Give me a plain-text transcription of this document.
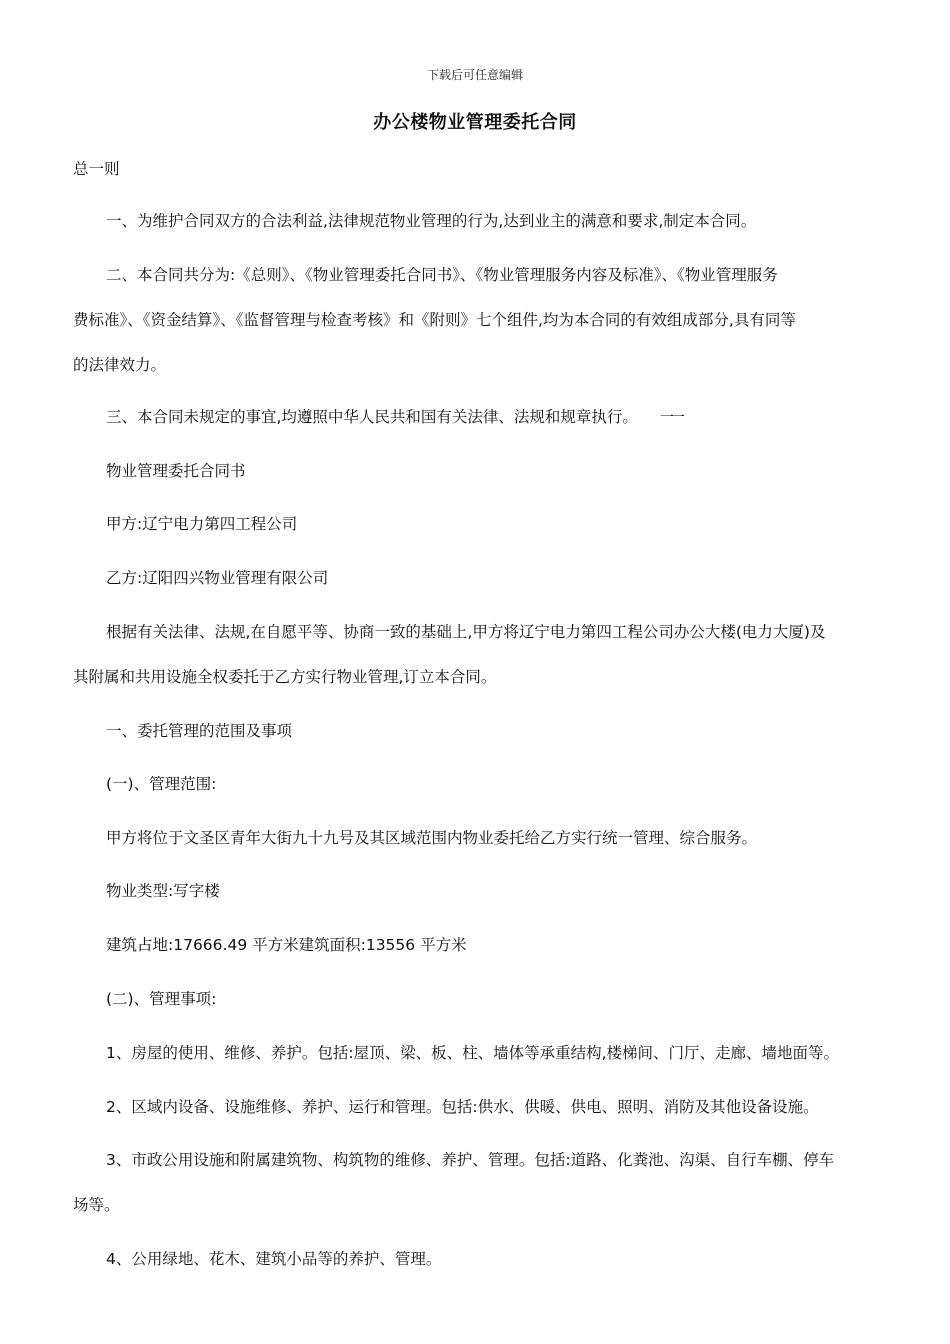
下载后可任意编辑
办公楼物业管理委托合同
总⼀则
一、为维护合同双方的合法利益,法律规范物业管理的行为,达到业主的满意和要求,制定本合同。
二、本合同共分为:《总则》、《物业管理委托合同书》、《物业管理服务内容及标准》、《物业管理服务
费标准》、《资金结算》、《监督管理与检查考核》和《附则》七个组件,均为本合同的有效组成部分,具有同等
的法律效力。
三、本合同未规定的事宜,均遵照中华人民共和国有关法律、法规和规章执行。 ⼀⼀
物业管理委托合同书
甲方:辽宁电力第四工程公司
乙方:辽阳四兴物业管理有限公司
根据有关法律、法规,在自愿平等、协商一致的基础上,甲方将辽宁电力第四工程公司办公大楼(电力大厦)及
其附属和共用设施全权委托于乙方实行物业管理,订立本合同。
一、委托管理的范围及事项
(一)、管理范围:
甲方将位于文圣区青年大街九十九号及其区域范围内物业委托给乙方实行统一管理、综合服务。
物业类型:写字楼
建筑占地:17666.49 平方米建筑面积:13556 平方米
(二)、管理事项:
1、房屋的使用、维修、养护。包括:屋顶、梁、板、柱、墙体等承重结构,楼梯间、门厅、走廊、墙地面等。
2、区域内设备、设施维修、养护、运行和管理。包括:供水、供暖、供电、照明、消防及其他设备设施。
3、市政公用设施和附属建筑物、构筑物的维修、养护、管理。包括:道路、化粪池、沟渠、自行车棚、停车
场等。
4、公用绿地、花木、建筑小品等的养护、管理。
